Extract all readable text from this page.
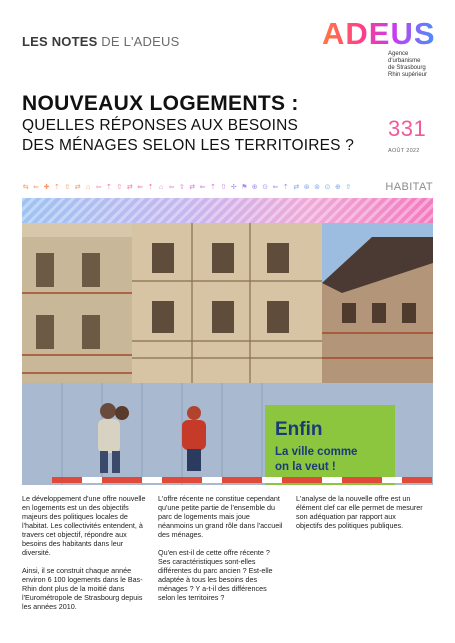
LES NOTES DE L'ADEUS	ADEUS
Agence
d'urbanisme
de Strasbourg
Rhin supérieur
NOUVEAUX LOGEMENTS :
QUELLES RÉPONSES AUX BESOINS
DES MÉNAGES SELON LES TERRITOIRES ?
331
AOÛT 2022
⇆ ⇐ ✚ ⇡ ⇧ ⇄ ⌂ ⇦ ⇡ ⇧ ⇄ ⇐ ⇡ ⌂ ⇦ ⇧ ⇄ ⇐ ⇡ ⇧ ✢ ⚑ ⊕ ⊙ ⇐ ⇡ ⇄ ⊛ ⊚ ⊙ ⊕ ⇧	HABITAT
Enfin
La ville comme
on la veut !

Le développement d'une offre nouvelle en logements est un des objectifs majeurs des politiques locales de l'habitat. Les collectivités entendent, à travers cet objectif, répondre aux besoins des habitants dans leur diversité.

Ainsi, il se construit chaque année environ 6 100 logements dans le Bas-Rhin dont plus de la moitié dans l'Eurométropole de Strasbourg depuis les années 2010.

L'offre récente ne constitue cependant qu'une petite partie de l'ensemble du parc de logements mais joue néanmoins un grand rôle dans l'accueil des ménages.

Qu'en est-il de cette offre récente ? Ses caractéristiques sont-elles différentes du parc ancien ? Est-elle adaptée à tous les besoins des ménages ? Y a-t-il des différences selon les territoires ?

L'analyse de la nouvelle offre est un élément clef car elle permet de mesurer son adéquation par rapport aux objectifs des politiques publiques.
